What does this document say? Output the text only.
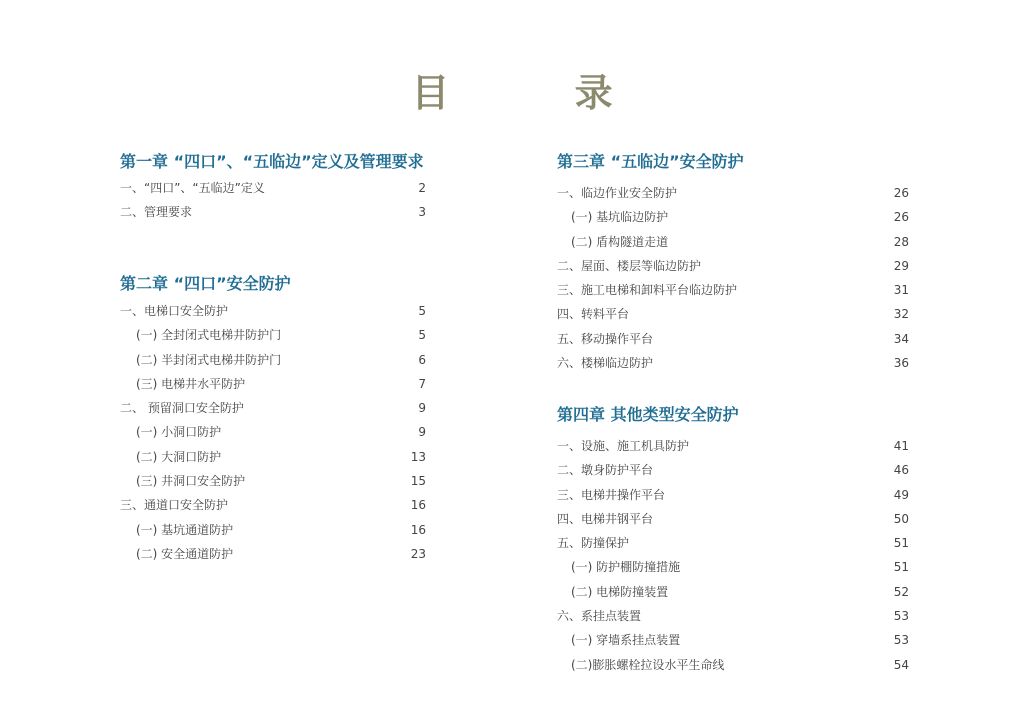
目 录
第一章 “四口”、“五临边”定义及管理要求
一、“四口”、“五临边”定义	2
二、管理要求	3
第二章 “四口”安全防护
一、电梯口安全防护	5
(一) 全封闭式电梯井防护门	5
(二) 半封闭式电梯井防护门	6
(三) 电梯井水平防护	7
二、 预留洞口安全防护	9
(一) 小洞口防护	9
(二) 大洞口防护	13
(三) 井洞口安全防护	15
三、通道口安全防护	16
(一) 基坑通道防护	16
(二) 安全通道防护	23
第三章 “五临边”安全防护
一、临边作业安全防护	26
(一) 基坑临边防护	26
(二) 盾构隧道走道	28
二、屋面、楼层等临边防护	29
三、施工电梯和卸料平台临边防护	31
四、转料平台	32
五、移动操作平台	34
六、楼梯临边防护	36
第四章 其他类型安全防护
一、设施、施工机具防护	41
二、墩身防护平台	46
三、电梯井操作平台	49
四、电梯井钢平台	50
五、防撞保护	51
(一) 防护棚防撞措施	51
(二) 电梯防撞装置	52
六、系挂点装置	53
(一) 穿墙系挂点装置	53
(二)膨胀螺栓拉设水平生命线	54
